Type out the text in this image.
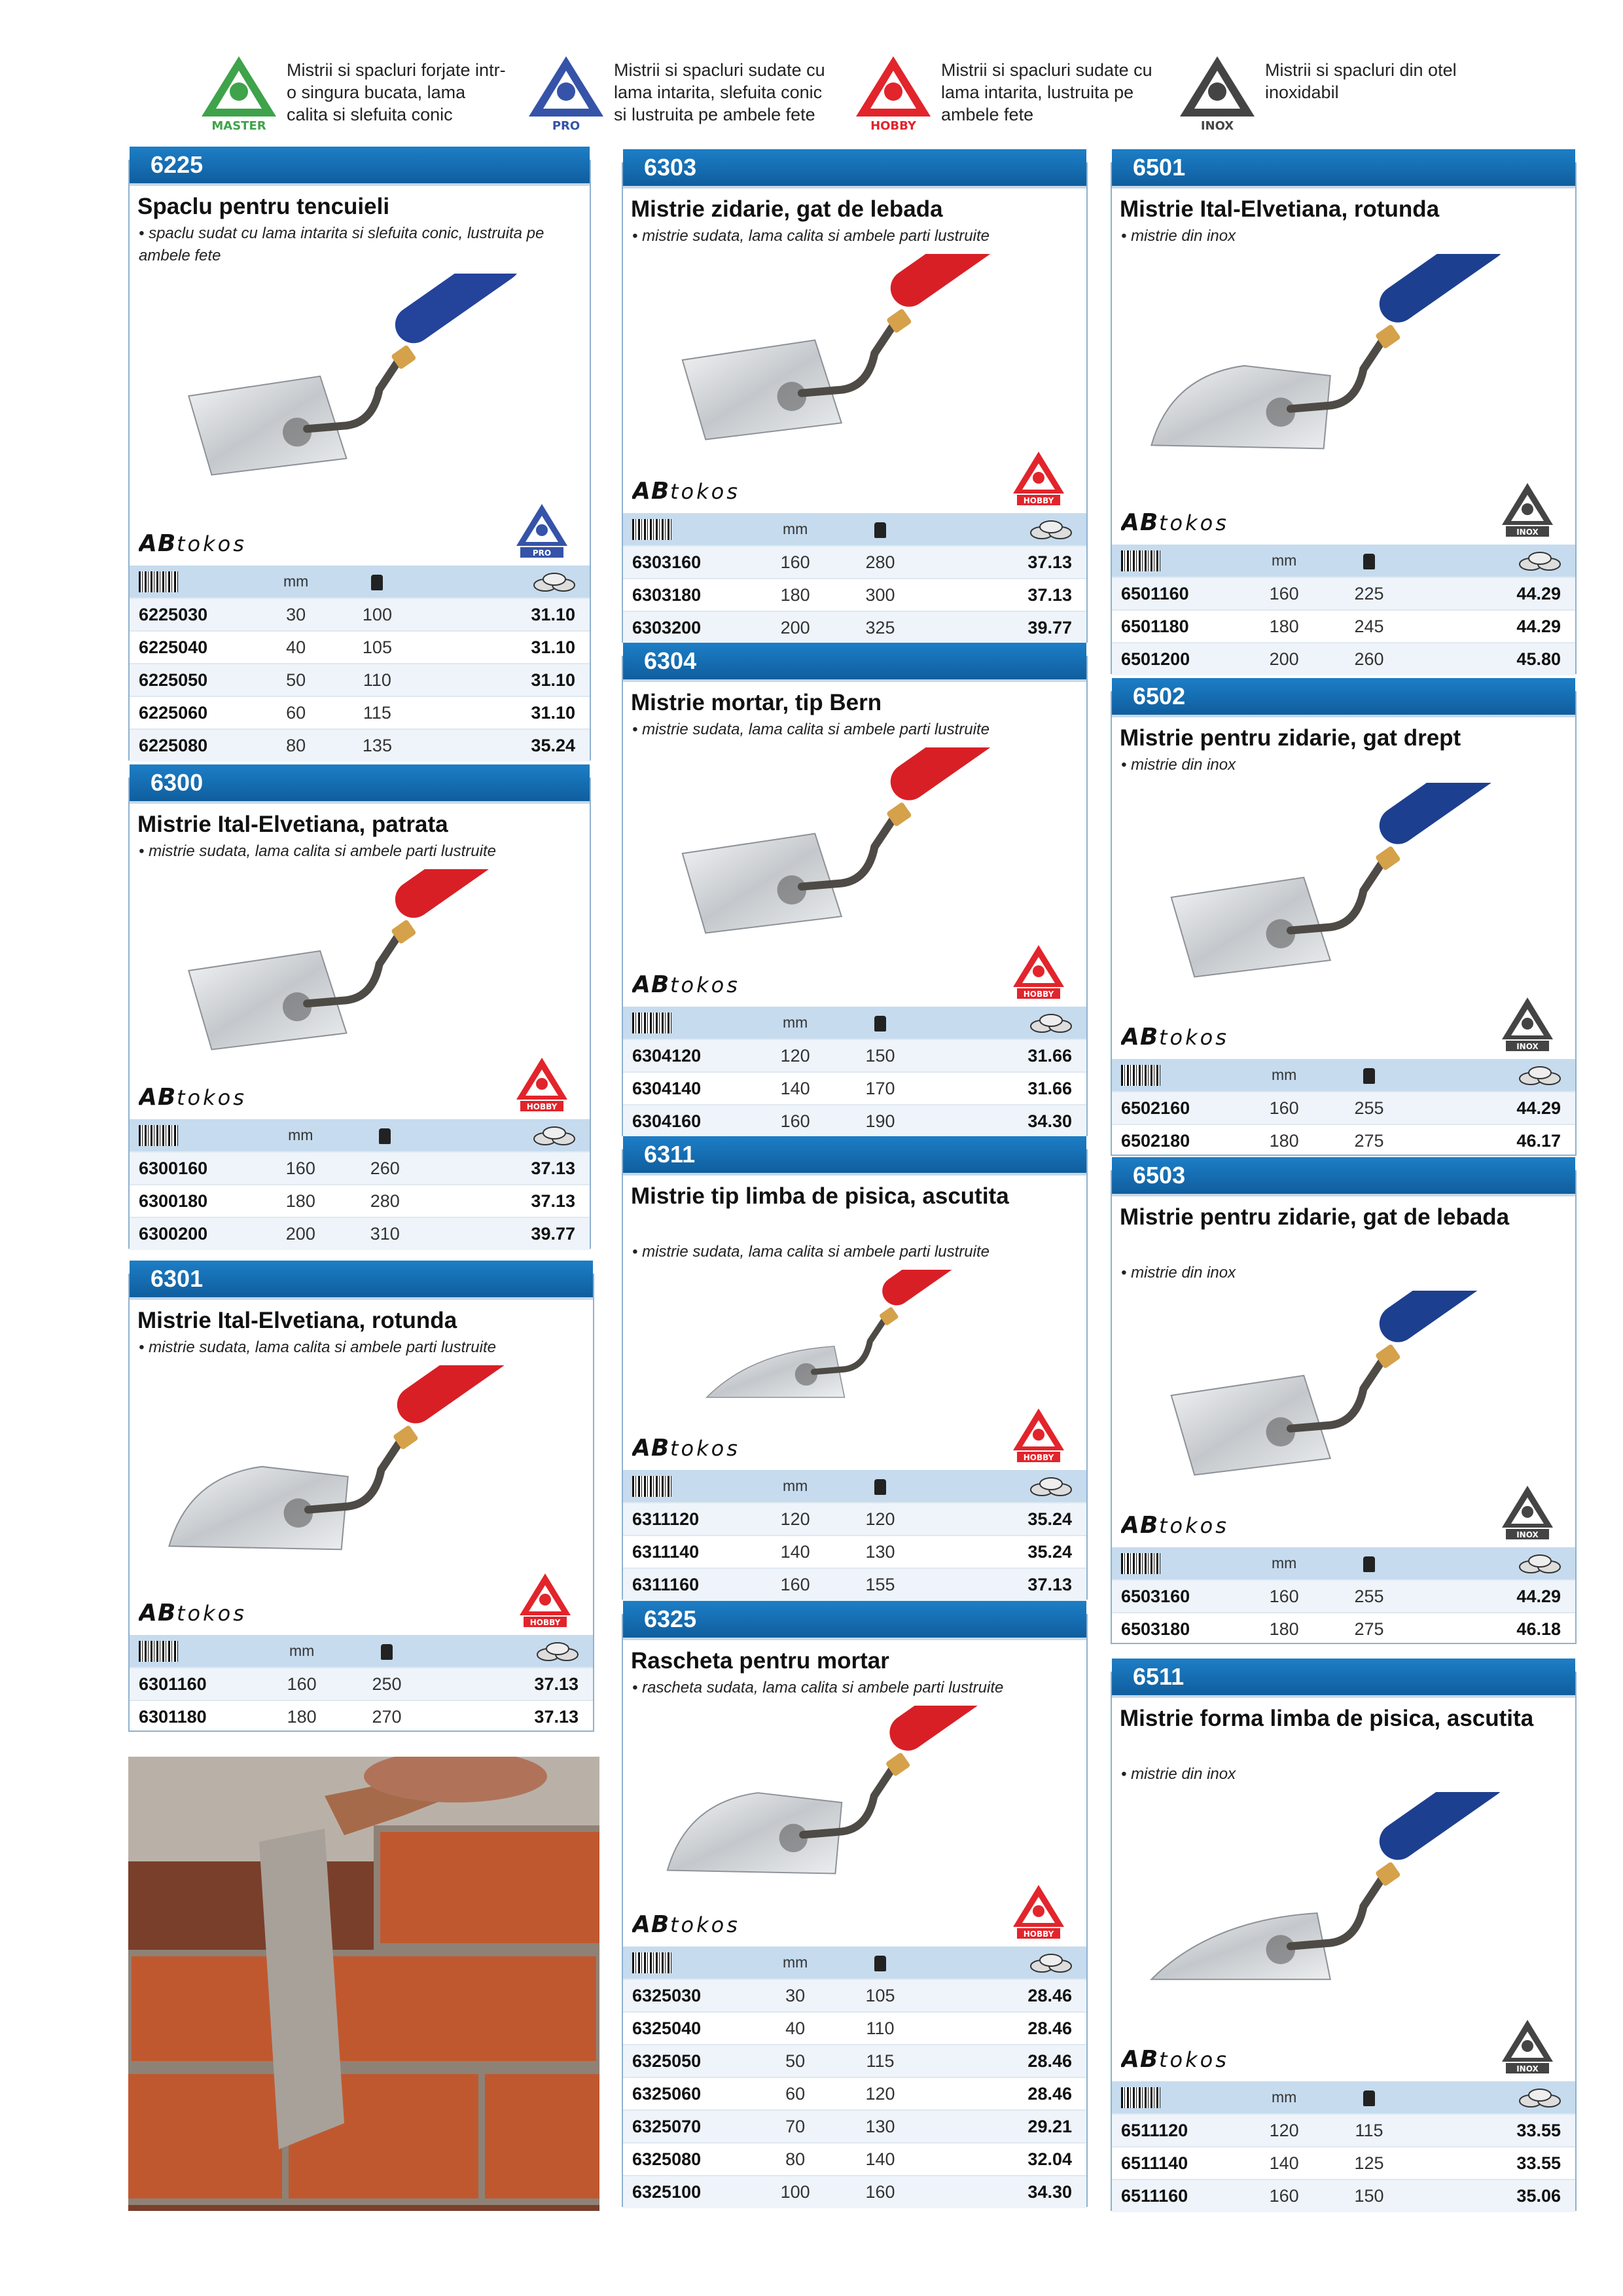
MASTER
Mistrii si spacluri forjate intr-o singura bucata, lama calita si slefuita conic
PRO
Mistrii si spacluri sudate cu lama intarita, slefuita conic si lustruita pe ambele fete
HOBBY
Mistrii si spacluri sudate cu lama intarita, lustruita pe ambele fete
INOX
Mistrii si spacluri din otel inoxidabil
6225
Spaclu pentru tencuieli
• spaclu sudat cu lama intarita si slefuita conic, lustruita pe ambele fete
AB tokos	PRO
	mm		
6225030	30	100	31.10
6225040	40	105	31.10
6225050	50	110	31.10
6225060	60	115	31.10
6225080	80	135	35.24
6300
Mistrie Ital-Elvetiana, patrata
• mistrie sudata, lama calita si ambele parti lustruite
AB tokos	HOBBY
	mm		
6300160	160	260	37.13
6300180	180	280	37.13
6300200	200	310	39.77
6301
Mistrie Ital-Elvetiana, rotunda
• mistrie sudata, lama calita si ambele parti lustruite
AB tokos	HOBBY
	mm		
6301160	160	250	37.13
6301180	180	270	37.13
6303
Mistrie zidarie, gat de lebada
• mistrie sudata, lama calita si ambele parti lustruite
AB tokos	HOBBY
	mm		
6303160	160	280	37.13
6303180	180	300	37.13
6303200	200	325	39.77
6304
Mistrie mortar, tip Bern
• mistrie sudata, lama calita si ambele parti lustruite
AB tokos	HOBBY
	mm		
6304120	120	150	31.66
6304140	140	170	31.66
6304160	160	190	34.30
6311
Mistrie tip limba de pisica, ascutita
• mistrie sudata, lama calita si ambele parti lustruite
AB tokos	HOBBY
	mm		
6311120	120	120	35.24
6311140	140	130	35.24
6311160	160	155	37.13
6325
Rascheta pentru mortar
• rascheta sudata, lama calita si ambele parti lustruite
AB tokos	HOBBY
	mm		
6325030	30	105	28.46
6325040	40	110	28.46
6325050	50	115	28.46
6325060	60	120	28.46
6325070	70	130	29.21
6325080	80	140	32.04
6325100	100	160	34.30
6501
Mistrie Ital-Elvetiana, rotunda
• mistrie din inox
AB tokos	INOX
	mm		
6501160	160	225	44.29
6501180	180	245	44.29
6501200	200	260	45.80
6502
Mistrie pentru zidarie, gat drept
• mistrie din inox
AB tokos	INOX
	mm		
6502160	160	255	44.29
6502180	180	275	46.17
6503
Mistrie pentru zidarie, gat de lebada
• mistrie din inox
AB tokos	INOX
	mm		
6503160	160	255	44.29
6503180	180	275	46.18
6511
Mistrie forma limba de pisica, ascutita
• mistrie din inox
AB tokos	INOX
	mm		
6511120	120	115	33.55
6511140	140	125	33.55
6511160	160	150	35.06
